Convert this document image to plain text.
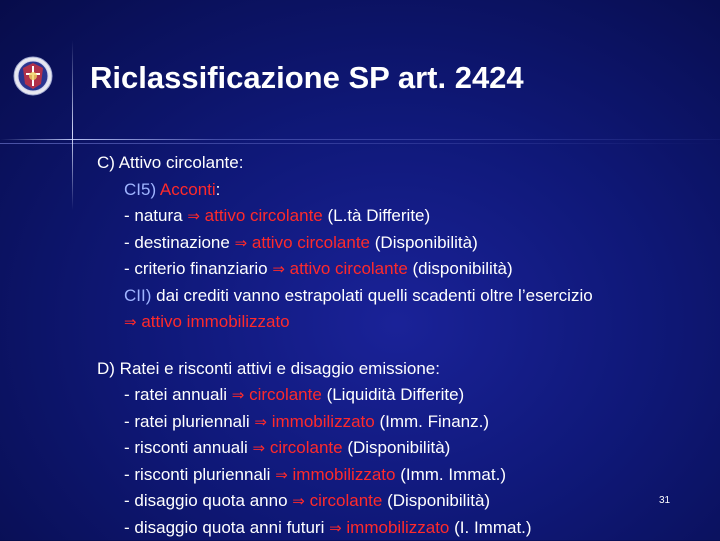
Riclassificazione SP art. 2424
C) Attivo circolante:
CI5) Acconti:
- natura ⇒ attivo circolante (L.tà Differite)
- destinazione ⇒ attivo circolante (Disponibilità)
- criterio finanziario ⇒ attivo circolante (disponibilità)
CII) dai crediti vanno estrapolati quelli scadenti oltre l’esercizio
⇒ attivo immobilizzato
D) Ratei e risconti attivi e disaggio emissione:
- ratei annuali ⇒ circolante (Liquidità Differite)
- ratei pluriennali ⇒ immobilizzato (Imm. Finanz.)
- risconti annuali ⇒ circolante (Disponibilità)
- risconti pluriennali ⇒ immobilizzato (Imm. Immat.)
- disaggio quota anno ⇒ circolante (Disponibilità)
- disaggio quota anni futuri ⇒ immobilizzato (I. Immat.)
31
